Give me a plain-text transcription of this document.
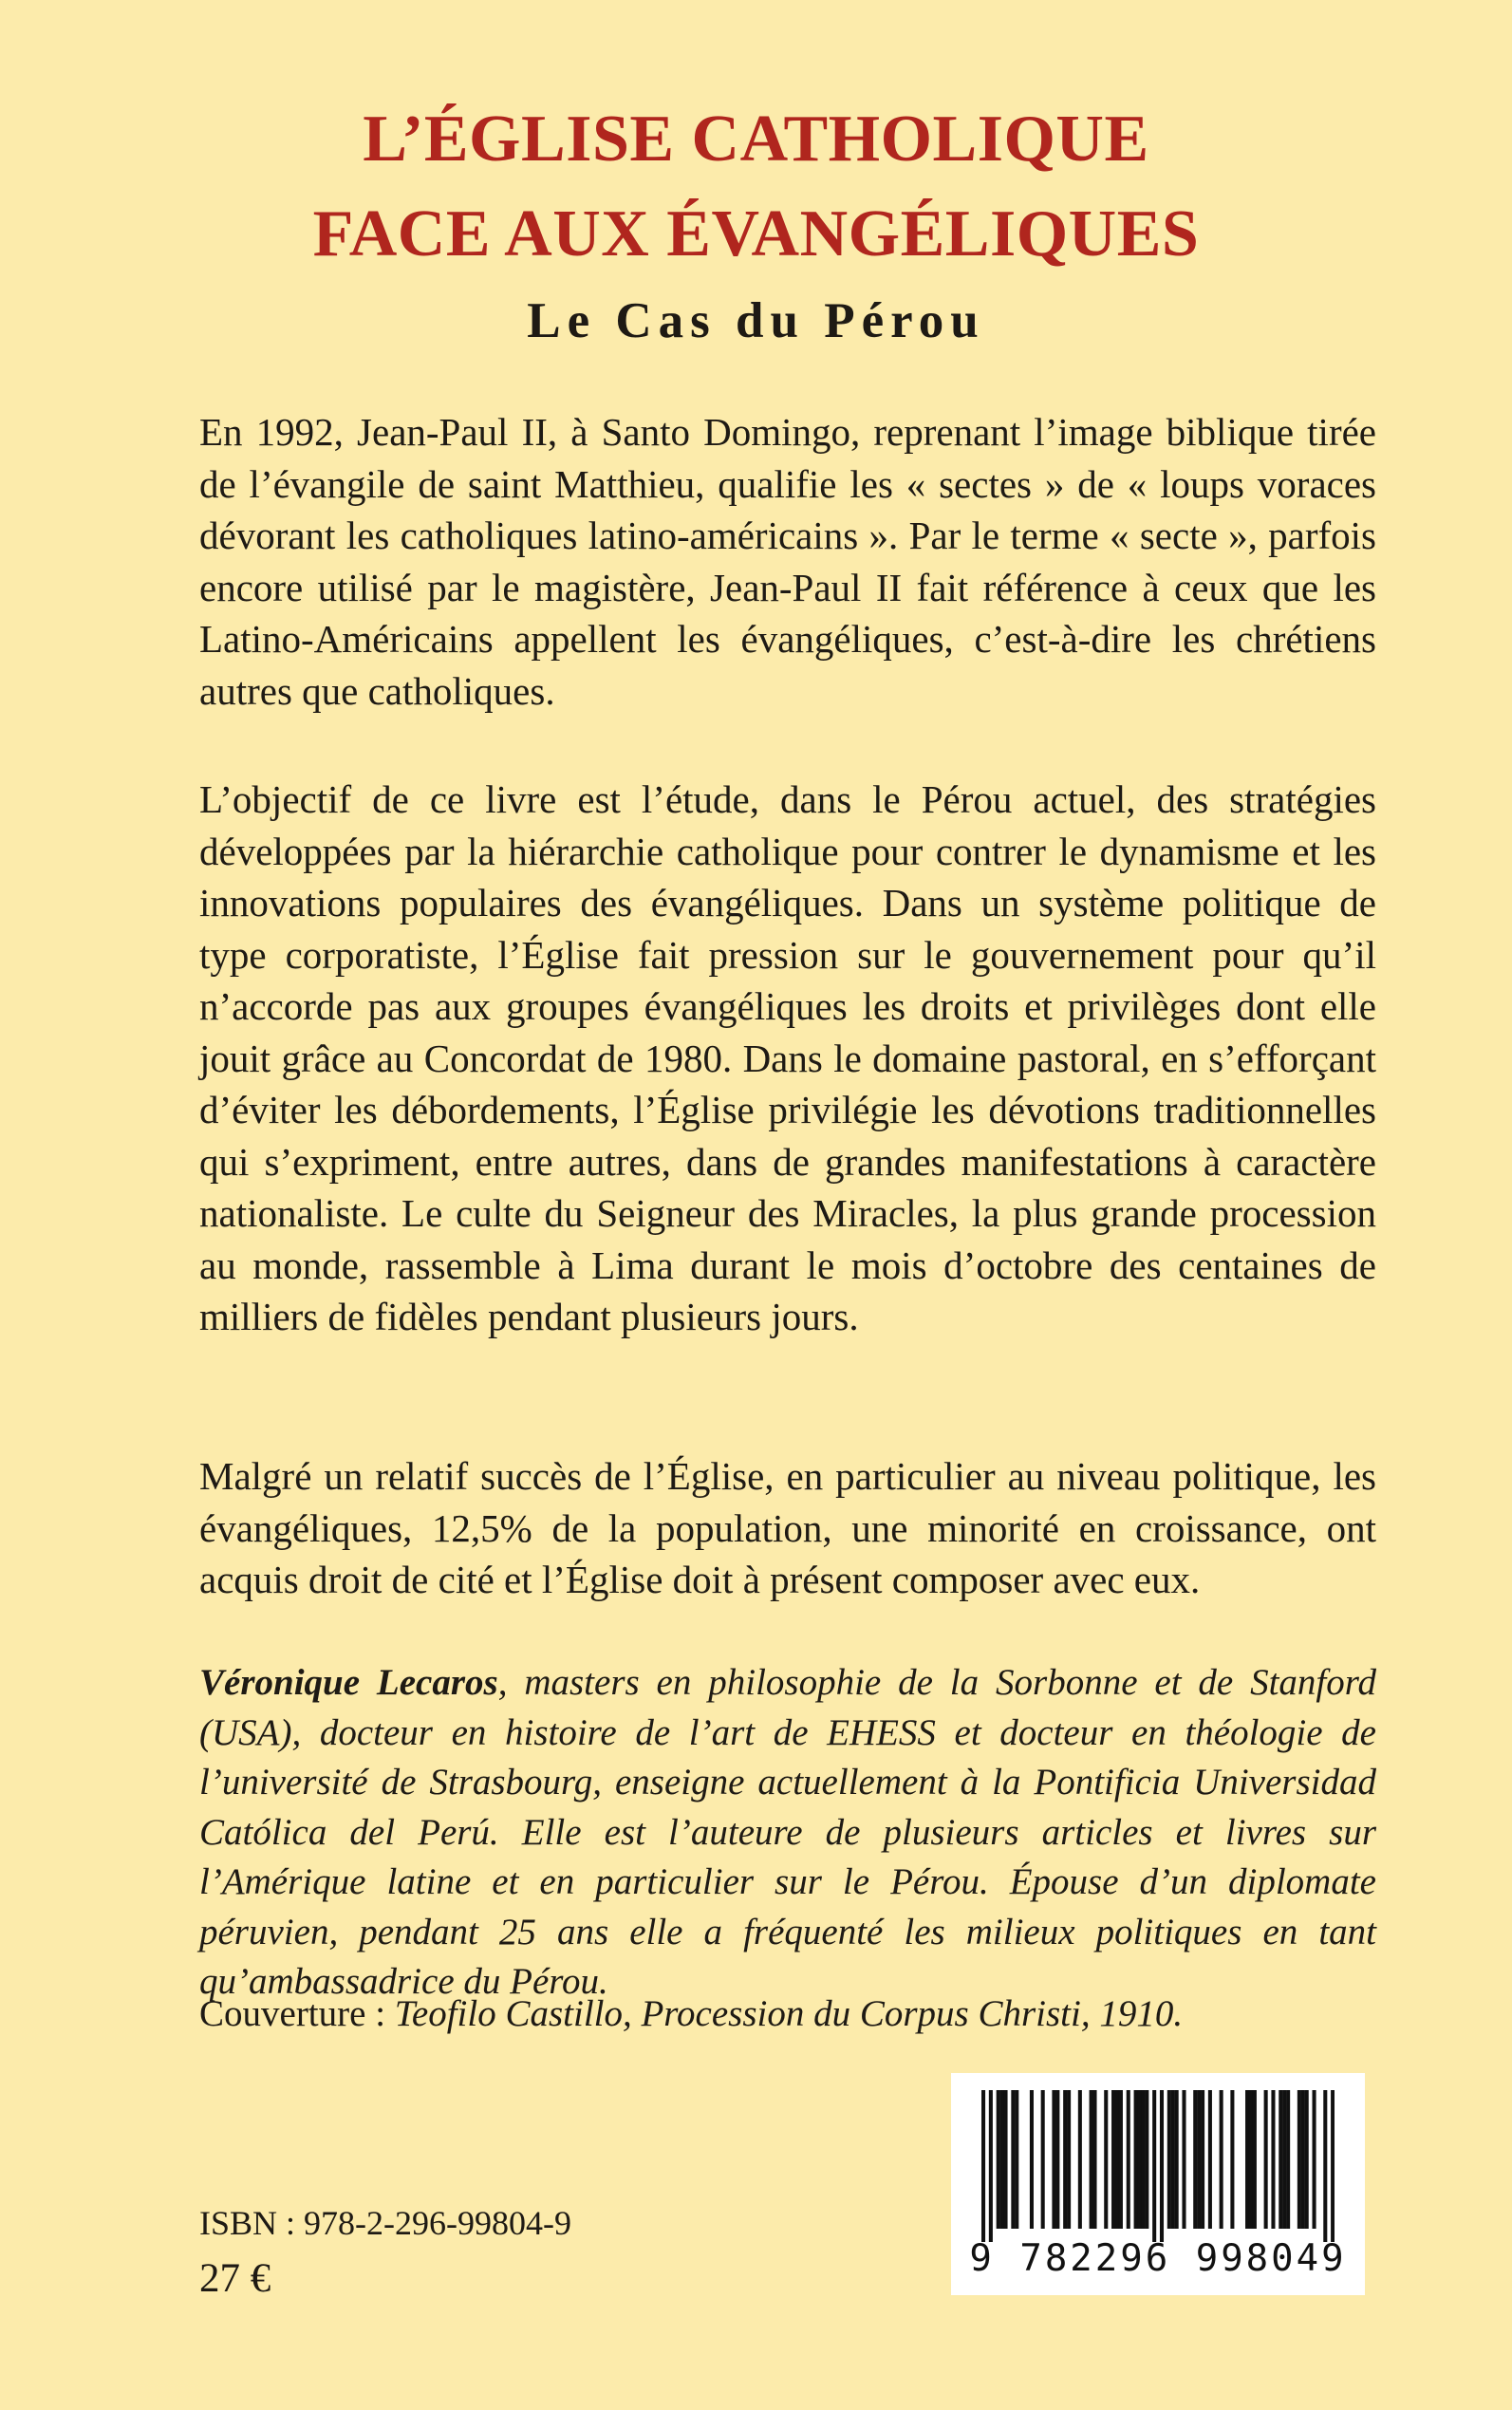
L’ÉGLISE CATHOLIQUE
FACE AUX ÉVANGÉLIQUES
Le Cas du Pérou

En 1992, Jean-Paul II, à Santo Domingo, reprenant l’image biblique tirée de l’évangile de saint Matthieu, qualifie les « sectes » de « loups voraces dévorant les catholiques latino-américains ». Par le terme « secte », parfois encore utilisé par le magistère, Jean-Paul II fait référence à ceux que les Latino-Américains appellent les évangéliques, c’est-à-dire les chrétiens autres que catholiques.

L’objectif de ce livre est l’étude, dans le Pérou actuel, des stratégies développées par la hiérarchie catholique pour contrer le dynamisme et les innovations populaires des évangéliques. Dans un système politique de type corporatiste, l’Église fait pression sur le gouvernement pour qu’il n’accorde pas aux groupes évangéliques les droits et privilèges dont elle jouit grâce au Concordat de 1980. Dans le domaine pastoral, en s’efforçant d’éviter les débordements, l’Église privilégie les dévotions traditionnelles qui s’expriment, entre autres, dans de grandes manifestations à caractère nationaliste. Le culte du Seigneur des Miracles, la plus grande procession au monde, rassemble à Lima durant le mois d’octobre des centaines de milliers de fidèles pendant plusieurs jours.

Malgré un relatif succès de l’Église, en particulier au niveau politique, les évangéliques, 12,5% de la population, une minorité en croissance, ont acquis droit de cité et l’Église doit à présent composer avec eux.

Véronique Lecaros, masters en philosophie de la Sorbonne et de Stanford (USA), docteur en histoire de l’art de EHESS et docteur en théologie de l’université de Strasbourg, enseigne actuellement à la Pontificia Universidad Católica del Perú. Elle est l’auteure de plusieurs articles et livres sur l’Amérique latine et en particulier sur le Pérou. Épouse d’un diplomate péruvien, pendant 25 ans elle a fréquenté les milieux politiques en tant qu’ambassadrice du Pérou.

Couverture : Teofilo Castillo, Procession du Corpus Christi, 1910.

ISBN : 978-2-296-99804-9
27 €	9 782296 998049
